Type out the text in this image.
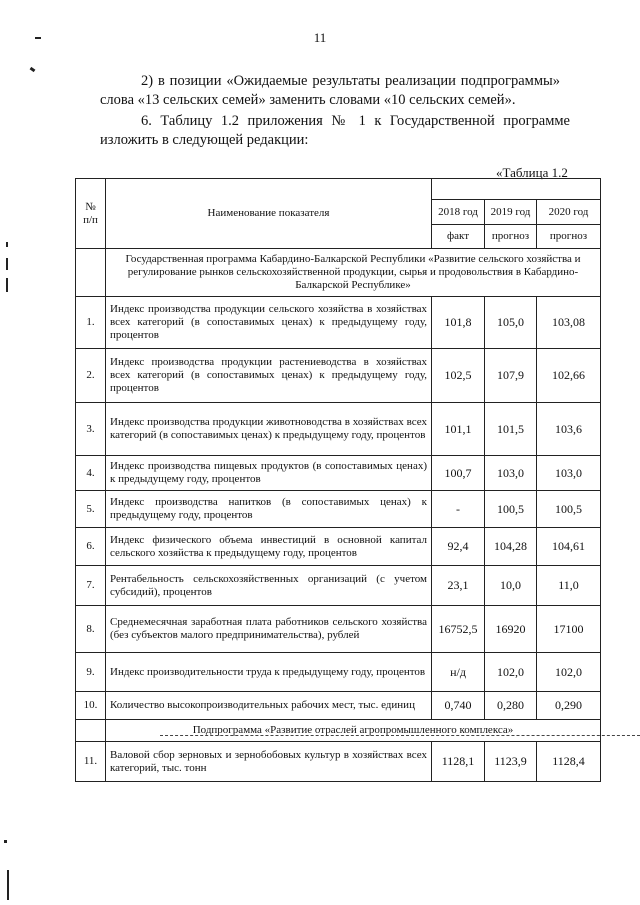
11
2) в позиции «Ожидаемые результаты реализации подпрограммы» слова «13 сельских семей» заменить словами «10 сельских семей».
6. Таблицу 1.2 приложения № 1 к Государственной программе изложить в следующей редакции:
«Таблица 1.2
№ п/п	Наименование показателя			
		2018 год	2019 год	2020 год
		факт	прогноз	прогноз
	Государственная программа Кабардино-Балкарской Республики «Развитие сельского хозяйства и регулирование рынков сельскохозяйственной продукции, сырья и продовольствия в Кабардино-Балкарской Республике»			
1.	Индекс производства продукции сельского хозяйства в хозяйствах всех категорий (в сопоставимых ценах) к предыдущему году, процентов	101,8	105,0	103,08
2.	Индекс производства продукции растениеводства в хозяйствах всех категорий (в сопоставимых ценах) к предыдущему году, процентов	102,5	107,9	102,66
3.	Индекс производства продукции животноводства в хозяйствах всех категорий (в сопоставимых ценах) к предыдущему году, процентов	101,1	101,5	103,6
4.	Индекс производства пищевых продуктов (в сопоставимых ценах) к предыдущему году, процентов	100,7	103,0	103,0
5.	Индекс производства напитков (в сопоставимых ценах) к предыдущему году, процентов	-	100,5	100,5
6.	Индекс физического объема инвестиций в основной капитал сельского хозяйства к предыдущему году, процентов	92,4	104,28	104,61
7.	Рентабельность сельскохозяйственных организаций (с учетом субсидий), процентов	23,1	10,0	11,0
8.	Среднемесячная заработная плата работников сельского хозяйства (без субъектов малого предпринимательства), рублей	16752,5	16920	17100
9.	Индекс производительности труда к предыдущему году, процентов	н/д	102,0	102,0
10.	Количество высокопроизводительных рабочих мест, тыс. единиц	0,740	0,280	0,290
	Подпрограмма «Развитие отраслей агропромышленного комплекса»			
11.	Валовой сбор зерновых и зернобобовых культур в хозяйствах всех категорий, тыс. тонн	1128,1	1123,9	1128,4
